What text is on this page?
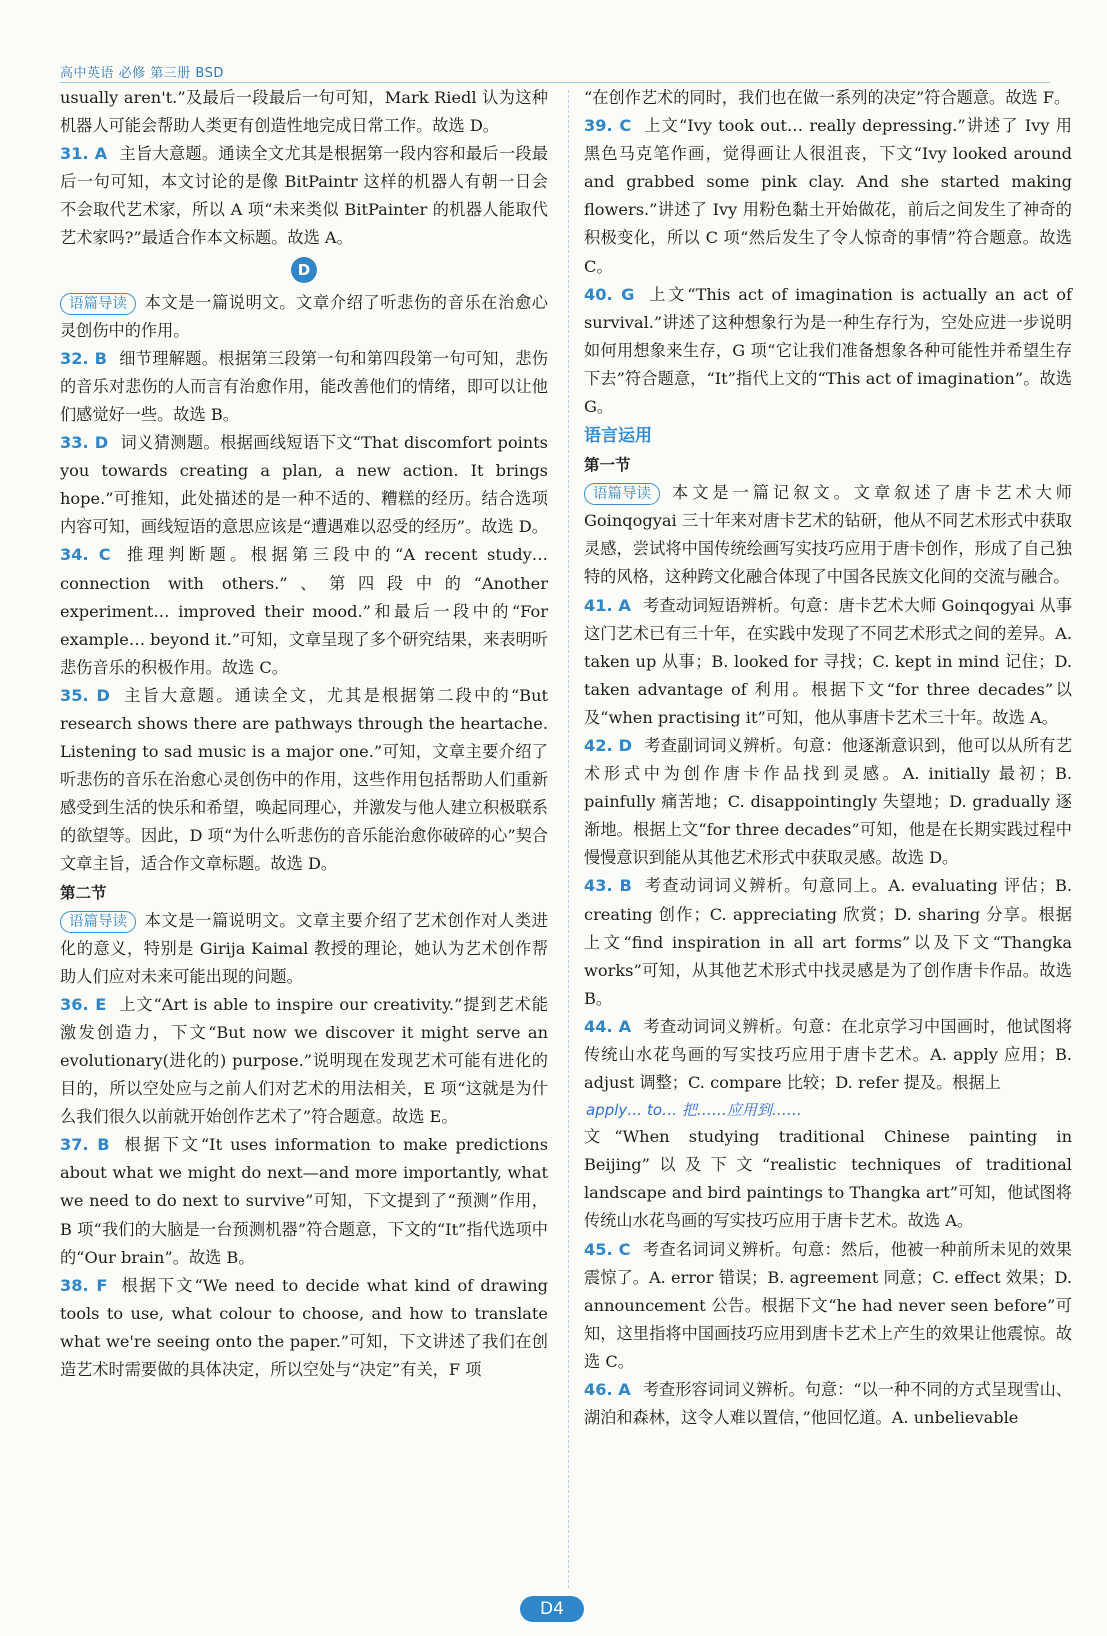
高中英语 必修 第三册 BSD

usually aren't.”及最后一段最后一句可知，Mark Riedl 认为这种机器人可能会帮助人类更有创造性地完成日常工作。故选 D。

31. A 主旨大意题。通读全文尤其是根据第一段内容和最后一段最后一句可知，本文讨论的是像 BitPaintr 这样的机器人有朝一日会不会取代艺术家，所以 A 项“未来类似 BitPainter 的机器人能取代艺术家吗?”最适合作本文标题。故选 A。

D

语篇导读 本文是一篇说明文。文章介绍了听悲伤的音乐在治愈心灵创伤中的作用。

32. B 细节理解题。根据第三段第一句和第四段第一句可知，悲伤的音乐对悲伤的人而言有治愈作用，能改善他们的情绪，即可以让他们感觉好一些。故选 B。

33. D 词义猜测题。根据画线短语下文“That discomfort points you towards creating a plan, a new action. It brings hope.”可推知，此处描述的是一种不适的、糟糕的经历。结合选项内容可知，画线短语的意思应该是“遭遇难以忍受的经历”。故选 D。

34. C 推理判断题。根据第三段中的“A recent study… connection with others.”、第四段中的“Another experiment… improved their mood.”和最后一段中的“For example… beyond it.”可知，文章呈现了多个研究结果，来表明听悲伤音乐的积极作用。故选 C。

35. D 主旨大意题。通读全文，尤其是根据第二段中的“But research shows there are pathways through the heartache. Listening to sad music is a major one.”可知，文章主要介绍了听悲伤的音乐在治愈心灵创伤中的作用，这些作用包括帮助人们重新感受到生活的快乐和希望，唤起同理心，并激发与他人建立积极联系的欲望等。因此，D 项“为什么听悲伤的音乐能治愈你破碎的心”契合文章主旨，适合作文章标题。故选 D。

第二节

语篇导读 本文是一篇说明文。文章主要介绍了艺术创作对人类进化的意义，特别是 Girija Kaimal 教授的理论，她认为艺术创作帮助人们应对未来可能出现的问题。

36. E 上文“Art is able to inspire our creativity.”提到艺术能激发创造力，下文“But now we discover it might serve an evolutionary(进化的) purpose.”说明现在发现艺术可能有进化的目的，所以空处应与之前人们对艺术的用法相关，E 项“这就是为什么我们很久以前就开始创作艺术了”符合题意。故选 E。

37. B 根据下文“It uses information to make predictions about what we might do next—and more importantly, what we need to do next to survive”可知，下文提到了“预测”作用，B 项“我们的大脑是一台预测机器”符合题意，下文的“It”指代选项中的“Our brain”。故选 B。

38. F 根据下文“We need to decide what kind of drawing tools to use, what colour to choose, and how to translate what we're seeing onto the paper.”可知，下文讲述了我们在创造艺术时需要做的具体决定，所以空处与“决定”有关，F 项

“在创作艺术的同时，我们也在做一系列的决定”符合题意。故选 F。

39. C 上文“Ivy took out… really depressing.”讲述了 Ivy 用黑色马克笔作画，觉得画让人很沮丧，下文“Ivy looked around and grabbed some pink clay. And she started making flowers.”讲述了 Ivy 用粉色黏土开始做花，前后之间发生了神奇的积极变化，所以 C 项“然后发生了令人惊奇的事情”符合题意。故选 C。

40. G 上文“This act of imagination is actually an act of survival.”讲述了这种想象行为是一种生存行为，空处应进一步说明如何用想象来生存，G 项“它让我们准备想象各种可能性并希望生存下去”符合题意，“It”指代上文的“This act of imagination”。故选 G。

语言运用

第一节

语篇导读 本文是一篇记叙文。文章叙述了唐卡艺术大师 Goinqogyai 三十年来对唐卡艺术的钻研，他从不同艺术形式中获取灵感，尝试将中国传统绘画写实技巧应用于唐卡创作，形成了自己独特的风格，这种跨文化融合体现了中国各民族文化间的交流与融合。

41. A 考查动词短语辨析。句意：唐卡艺术大师 Goinqogyai 从事这门艺术已有三十年，在实践中发现了不同艺术形式之间的差异。A. taken up 从事；B. looked for 寻找；C. kept in mind 记住；D. taken advantage of 利用。根据下文“for three decades”以及“when practising it”可知，他从事唐卡艺术三十年。故选 A。

42. D 考查副词词义辨析。句意：他逐渐意识到，他可以从所有艺术形式中为创作唐卡作品找到灵感。A. initially 最初；B. painfully 痛苦地；C. disappointingly 失望地；D. gradually 逐渐地。根据上文“for three decades”可知，他是在长期实践过程中慢慢意识到能从其他艺术形式中获取灵感。故选 D。

43. B 考查动词词义辨析。句意同上。A. evaluating 评估；B. creating 创作；C. appreciating 欣赏；D. sharing 分享。根据上文“find inspiration in all art forms”以及下文“Thangka works”可知，从其他艺术形式中找灵感是为了创作唐卡作品。故选 B。

44. A 考查动词词义辨析。句意：在北京学习中国画时，他试图将传统山水花鸟画的写实技巧应用于唐卡艺术。A. apply 应用；B. adjust 调整；C. compare 比较；D. refer 提及。根据上

apply… to… 把……应用到……

文“When studying traditional Chinese painting in Beijing”以及下文“realistic techniques of traditional landscape and bird paintings to Thangka art”可知，他试图将传统山水花鸟画的写实技巧应用于唐卡艺术。故选 A。

45. C 考查名词词义辨析。句意：然后，他被一种前所未见的效果震惊了。A. error 错误；B. agreement 同意；C. effect 效果；D. announcement 公告。根据下文“he had never seen before”可知，这里指将中国画技巧应用到唐卡艺术上产生的效果让他震惊。故选 C。

46. A 考查形容词词义辨析。句意：“以一种不同的方式呈现雪山、湖泊和森林，这令人难以置信，”他回忆道。A. unbelievable

D4
